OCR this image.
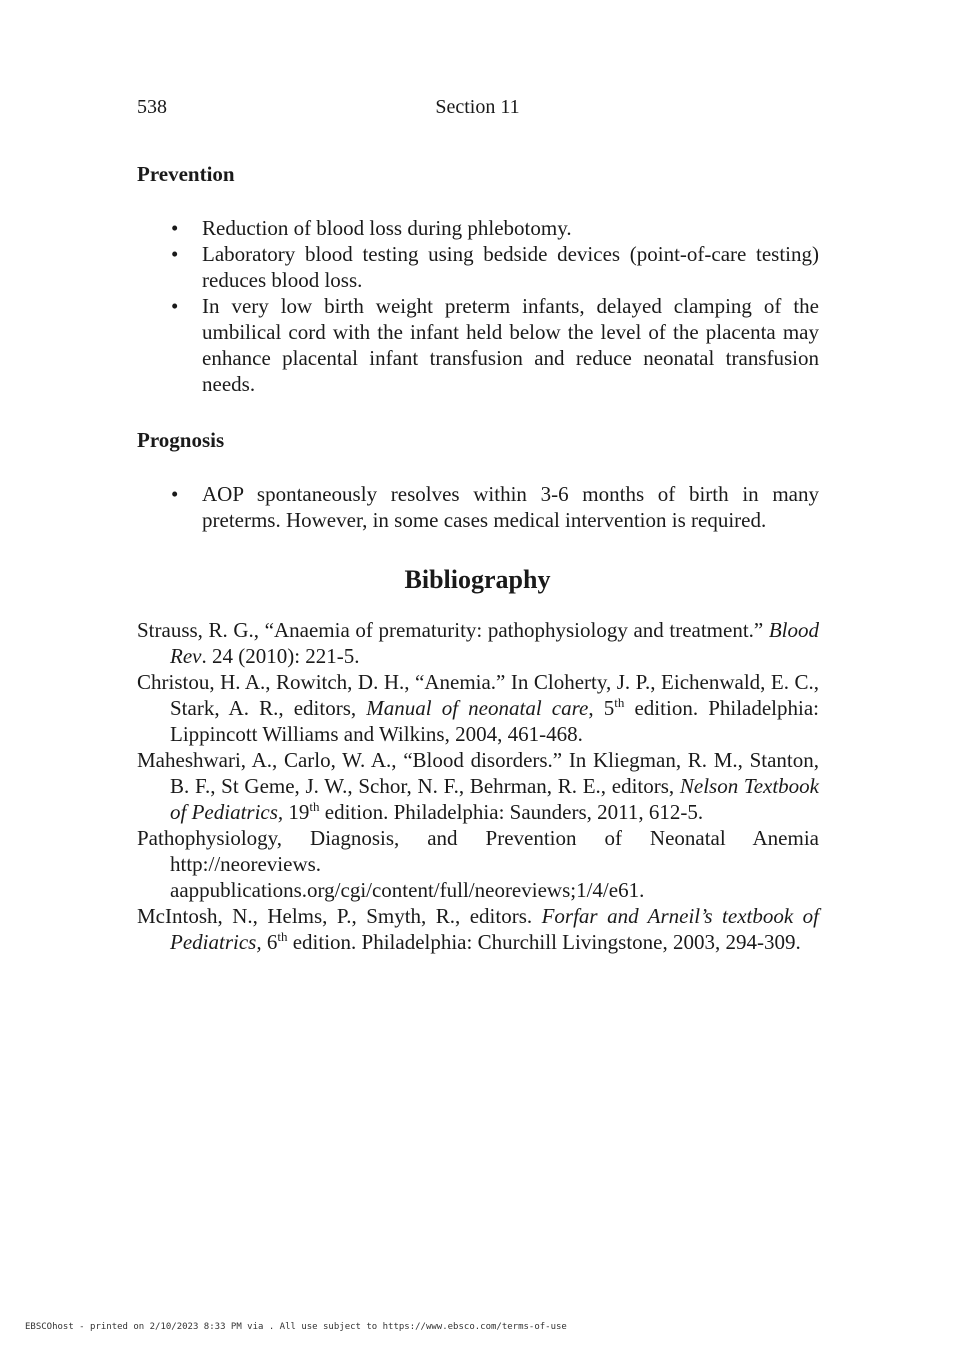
538	Section 11
Prevention
• Reduction of blood loss during phlebotomy.
• Laboratory blood testing using bedside devices (point-of-care testing) reduces blood loss.
• In very low birth weight preterm infants, delayed clamping of the umbilical cord with the infant held below the level of the placenta may enhance placental infant transfusion and reduce neonatal transfusion needs.
Prognosis
• AOP spontaneously resolves within 3-6 months of birth in many preterms. However, in some cases medical intervention is required.
Bibliography
Strauss, R. G., “Anaemia of prematurity: pathophysiology and treatment.” Blood Rev. 24 (2010): 221-5.
Christou, H. A., Rowitch, D. H., “Anemia.” In Cloherty, J. P., Eichenwald, E. C., Stark, A. R., editors, Manual of neonatal care, 5th edition. Philadelphia: Lippincott Williams and Wilkins, 2004, 461-468.
Maheshwari, A., Carlo, W. A., “Blood disorders.” In Kliegman, R. M., Stanton, B. F., St Geme, J. W., Schor, N. F., Behrman, R. E., editors, Nelson Textbook of Pediatrics, 19th edition. Philadelphia: Saunders, 2011, 612-5.
Pathophysiology, Diagnosis, and Prevention of Neonatal Anemia http://neoreviews.
aappublications.org/cgi/content/full/neoreviews;1/4/e61.
McIntosh, N., Helms, P., Smyth, R., editors. Forfar and Arneil’s textbook of Pediatrics, 6th edition. Philadelphia: Churchill Livingstone, 2003, 294-309.
EBSCOhost - printed on 2/10/2023 8:33 PM via . All use subject to https://www.ebsco.com/terms-of-use
